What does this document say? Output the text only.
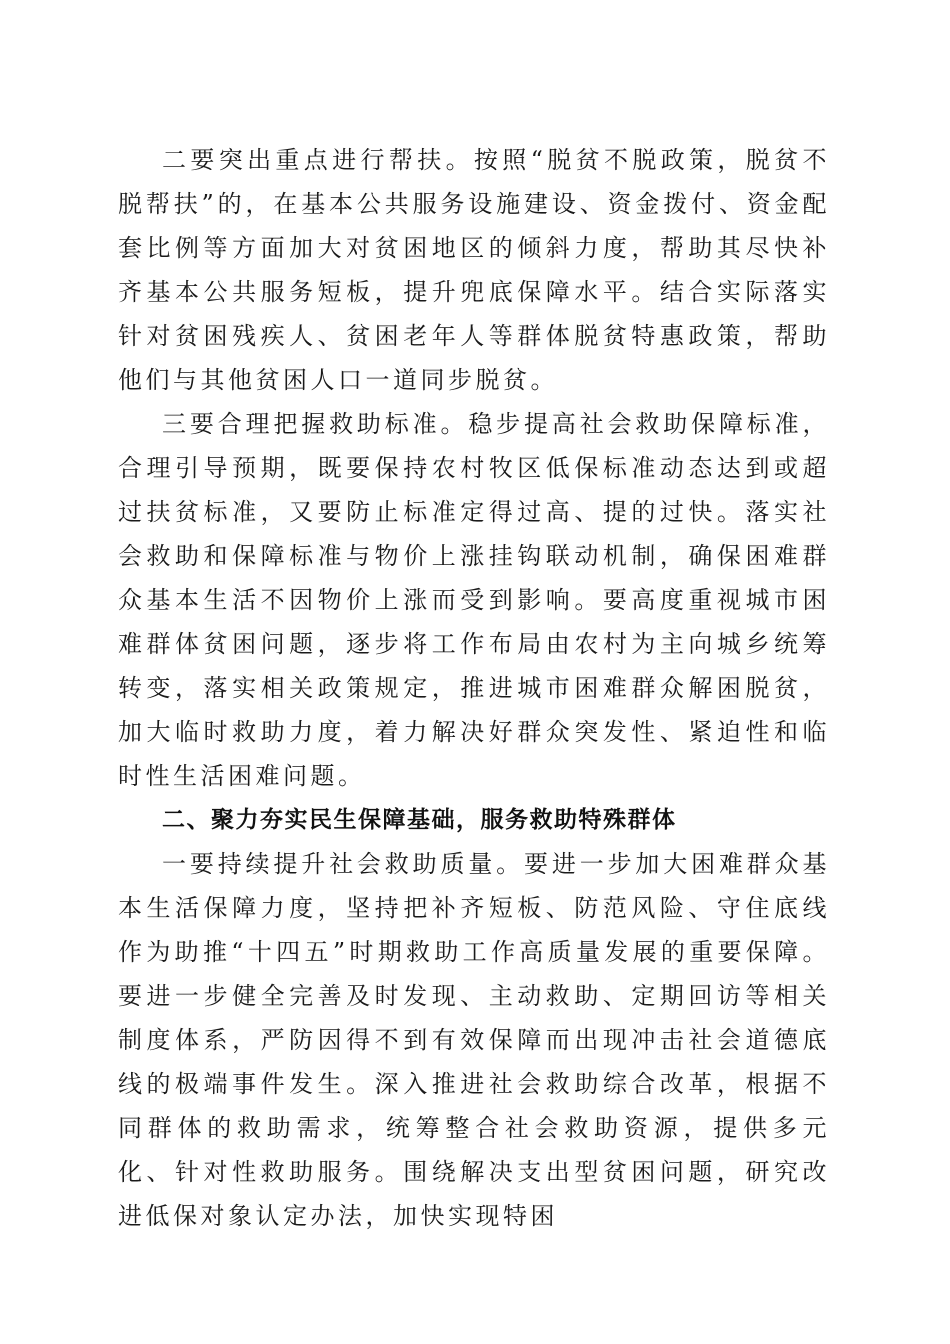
二要突出重点进行帮扶。按照“脱贫不脱政策，脱贫不脱帮扶”的，在基本公共服务设施建设、资金拨付、资金配套比例等方面加大对贫困地区的倾斜力度，帮助其尽快补齐基本公共服务短板，提升兜底保障水平。结合实际落实针对贫困残疾人、贫困老年人等群体脱贫特惠政策，帮助他们与其他贫困人口一道同步脱贫。

三要合理把握救助标准。稳步提高社会救助保障标准，合理引导预期，既要保持农村牧区低保标准动态达到或超过扶贫标准，又要防止标准定得过高、提的过快。落实社会救助和保障标准与物价上涨挂钩联动机制，确保困难群众基本生活不因物价上涨而受到影响。要高度重视城市困难群体贫困问题，逐步将工作布局由农村为主向城乡统筹转变，落实相关政策规定，推进城市困难群众解困脱贫，加大临时救助力度，着力解决好群众突发性、紧迫性和临时性生活困难问题。

二、聚力夯实民生保障基础，服务救助特殊群体

一要持续提升社会救助质量。要进一步加大困难群众基本生活保障力度，坚持把补齐短板、防范风险、守住底线作为助推“十四五”时期救助工作高质量发展的重要保障。要进一步健全完善及时发现、主动救助、定期回访等相关制度体系，严防因得不到有效保障而出现冲击社会道德底线的极端事件发生。深入推进社会救助综合改革，根据不同群体的救助需求，统筹整合社会救助资源，提供多元化、针对性救助服务。围绕解决支出型贫困问题，研究改进低保对象认定办法，加快实现特困
